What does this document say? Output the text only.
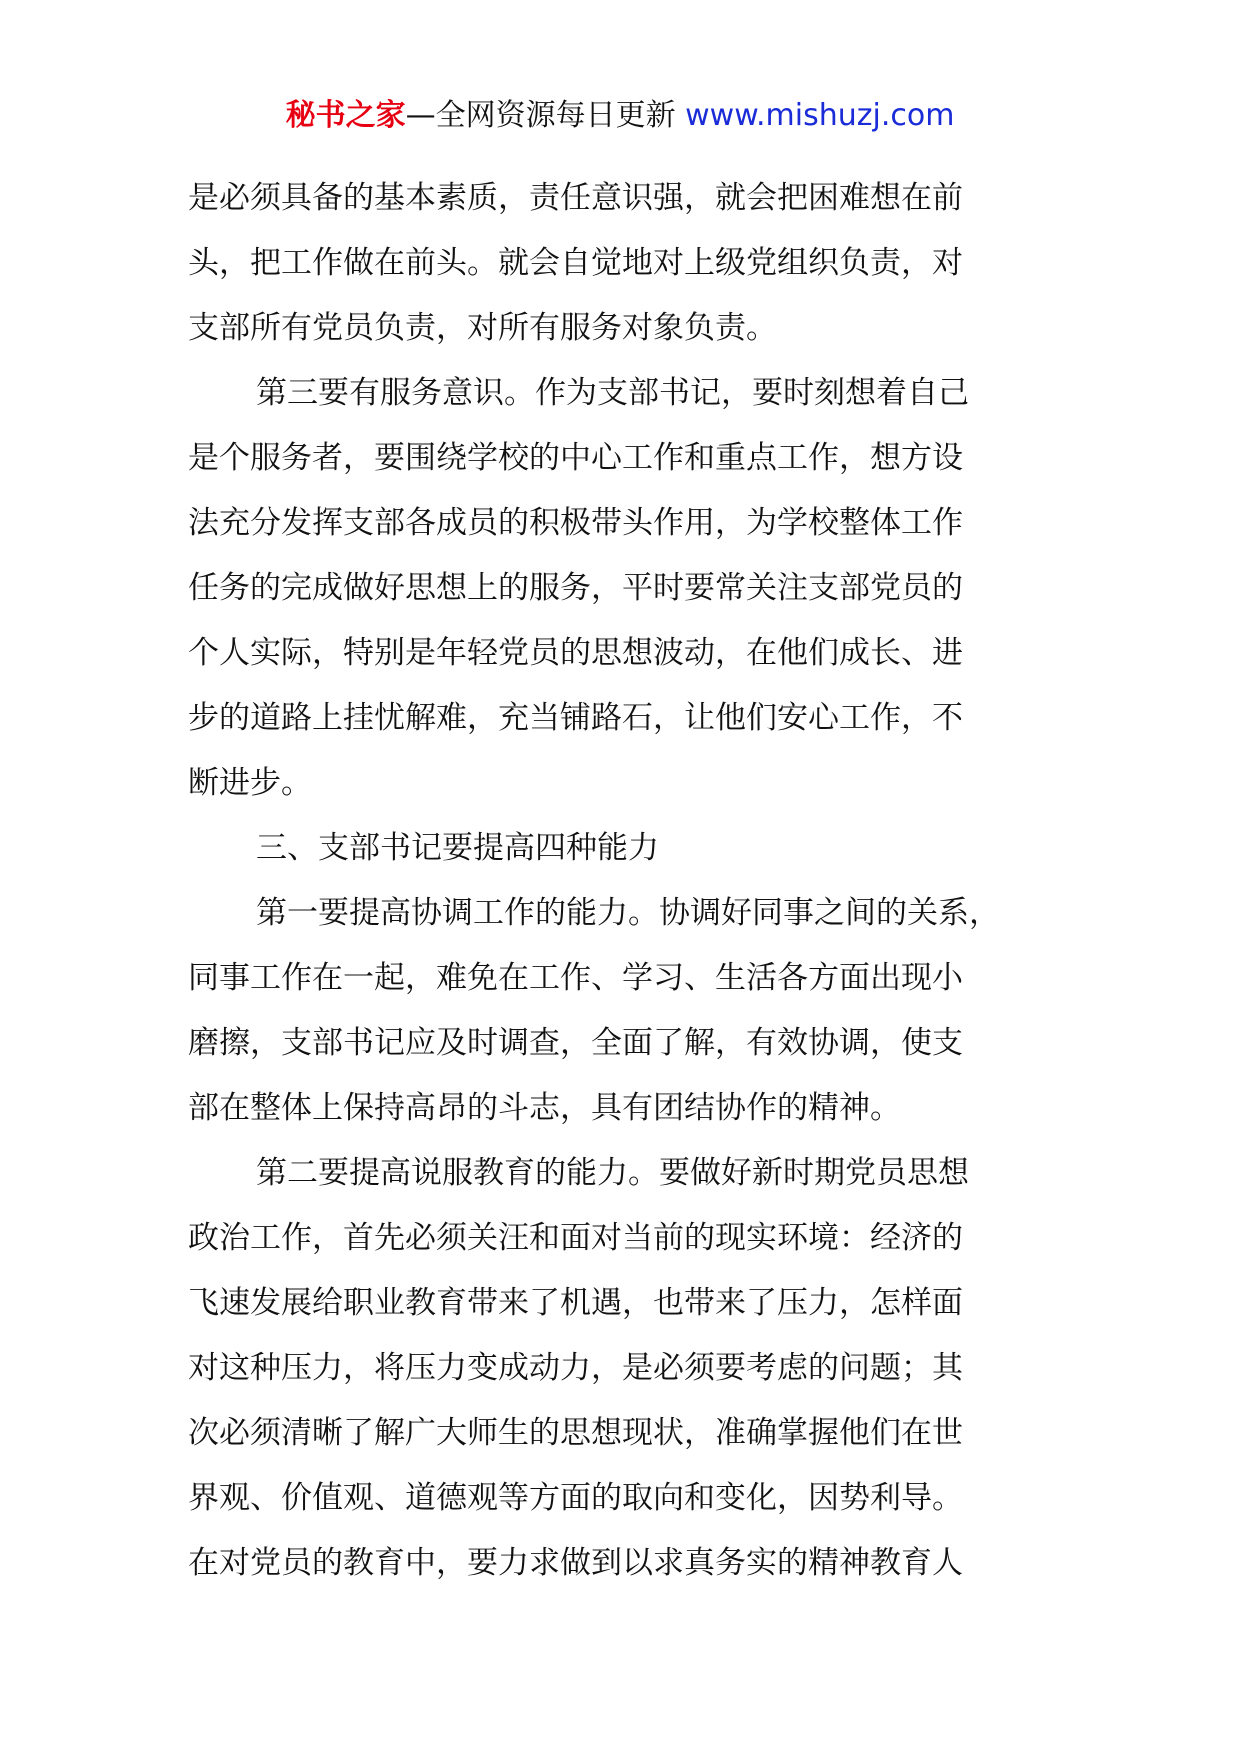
秘书之家—全网资源每日更新 www.mishuzj.com
是必须具备的基本素质，责任意识强，就会把困难想在前
头，把工作做在前头。就会自觉地对上级党组织负责，对
支部所有党员负责，对所有服务对象负责。
第三要有服务意识。作为支部书记，要时刻想着自己
是个服务者，要围绕学校的中心工作和重点工作，想方设
法充分发挥支部各成员的积极带头作用，为学校整体工作
任务的完成做好思想上的服务，平时要常关注支部党员的
个人实际，特别是年轻党员的思想波动，在他们成长、进
步的道路上挂忧解难，充当铺路石，让他们安心工作，不
断进步。
三、支部书记要提高四种能力
第一要提高协调工作的能力。协调好同事之间的关系，
同事工作在一起，难免在工作、学习、生活各方面出现小
磨擦，支部书记应及时调查，全面了解，有效协调，使支
部在整体上保持高昂的斗志，具有团结协作的精神。
第二要提高说服教育的能力。要做好新时期党员思想
政治工作，首先必须关汪和面对当前的现实环境：经济的
飞速发展给职业教育带来了机遇，也带来了压力，怎样面
对这种压力，将压力变成动力，是必须要考虑的问题；其
次必须清晰了解广大师生的思想现状，准确掌握他们在世
界观、价值观、道德观等方面的取向和变化，因势利导。
在对党员的教育中，要力求做到以求真务实的精神教育人
